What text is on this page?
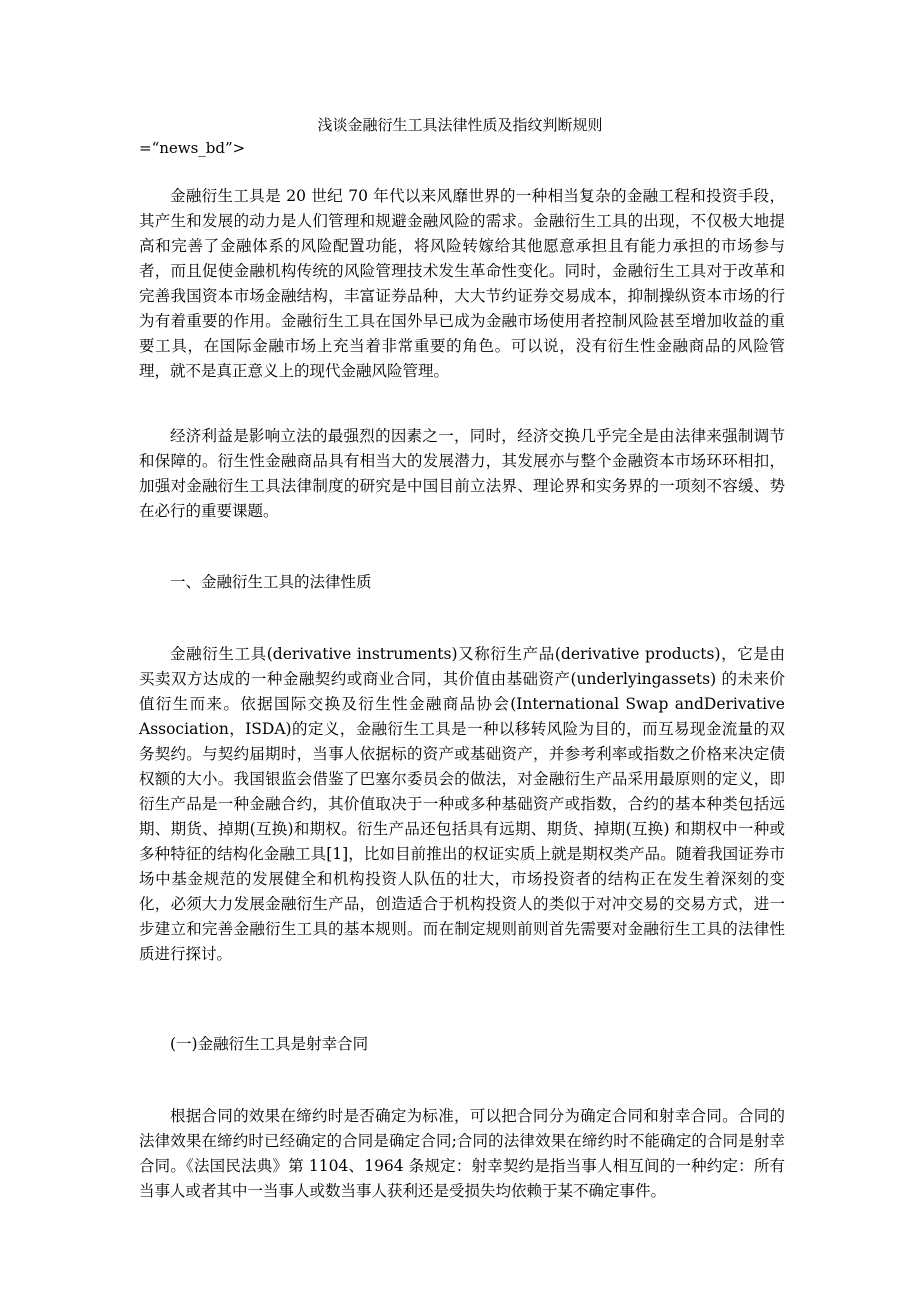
浅谈金融衍生工具法律性质及指纹判断规则
=“news_bd”>

金融衍生工具是 20 世纪 70 年代以来风靡世界的一种相当复杂的金融工程和投资手段，其产生和发展的动力是人们管理和规避金融风险的需求。金融衍生工具的出现，不仅极大地提高和完善了金融体系的风险配置功能，将风险转嫁给其他愿意承担且有能力承担的市场参与者，而且促使金融机构传统的风险管理技术发生革命性变化。同时，金融衍生工具对于改革和完善我国资本市场金融结构，丰富证券品种，大大节约证券交易成本，抑制操纵资本市场的行为有着重要的作用。金融衍生工具在国外早已成为金融市场使用者控制风险甚至增加收益的重要工具，在国际金融市场上充当着非常重要的角色。可以说，没有衍生性金融商品的风险管理，就不是真正意义上的现代金融风险管理。

经济利益是影响立法的最强烈的因素之一，同时，经济交换几乎完全是由法律来强制调节和保障的。衍生性金融商品具有相当大的发展潜力，其发展亦与整个金融资本市场环环相扣，加强对金融衍生工具法律制度的研究是中国目前立法界、理论界和实务界的一项刻不容缓、势在必行的重要课题。

一、金融衍生工具的法律性质

金融衍生工具(derivative instruments)又称衍生产品(derivative products)，它是由买卖双方达成的一种金融契约或商业合同，其价值由基础资产(underlyingassets) 的未来价值衍生而来。依据国际交换及衍生性金融商品协会(International Swap andDerivative Association，ISDA)的定义，金融衍生工具是一种以移转风险为目的，而互易现金流量的双务契约。与契约届期时，当事人依据标的资产或基础资产，并参考利率或指数之价格来决定债权额的大小。我国银监会借鉴了巴塞尔委员会的做法，对金融衍生产品采用最原则的定义，即衍生产品是一种金融合约，其价值取决于一种或多种基础资产或指数，合约的基本种类包括远期、期货、掉期(互换)和期权。衍生产品还包括具有远期、期货、掉期(互换) 和期权中一种或多种特征的结构化金融工具[1]，比如目前推出的权证实质上就是期权类产品。随着我国证券市场中基金规范的发展健全和机构投资人队伍的壮大，市场投资者的结构正在发生着深刻的变化，必须大力发展金融衍生产品，创造适合于机构投资人的类似于对冲交易的交易方式，进一步建立和完善金融衍生工具的基本规则。而在制定规则前则首先需要对金融衍生工具的法律性质进行探讨。

(一)金融衍生工具是射幸合同

根据合同的效果在缔约时是否确定为标准，可以把合同分为确定合同和射幸合同。合同的法律效果在缔约时已经确定的合同是确定合同;合同的法律效果在缔约时不能确定的合同是射幸合同。《法国民法典》第 1104、1964 条规定：射幸契约是指当事人相互间的一种约定：所有当事人或者其中一当事人或数当事人获利还是受损失均依赖于某不确定事件。
